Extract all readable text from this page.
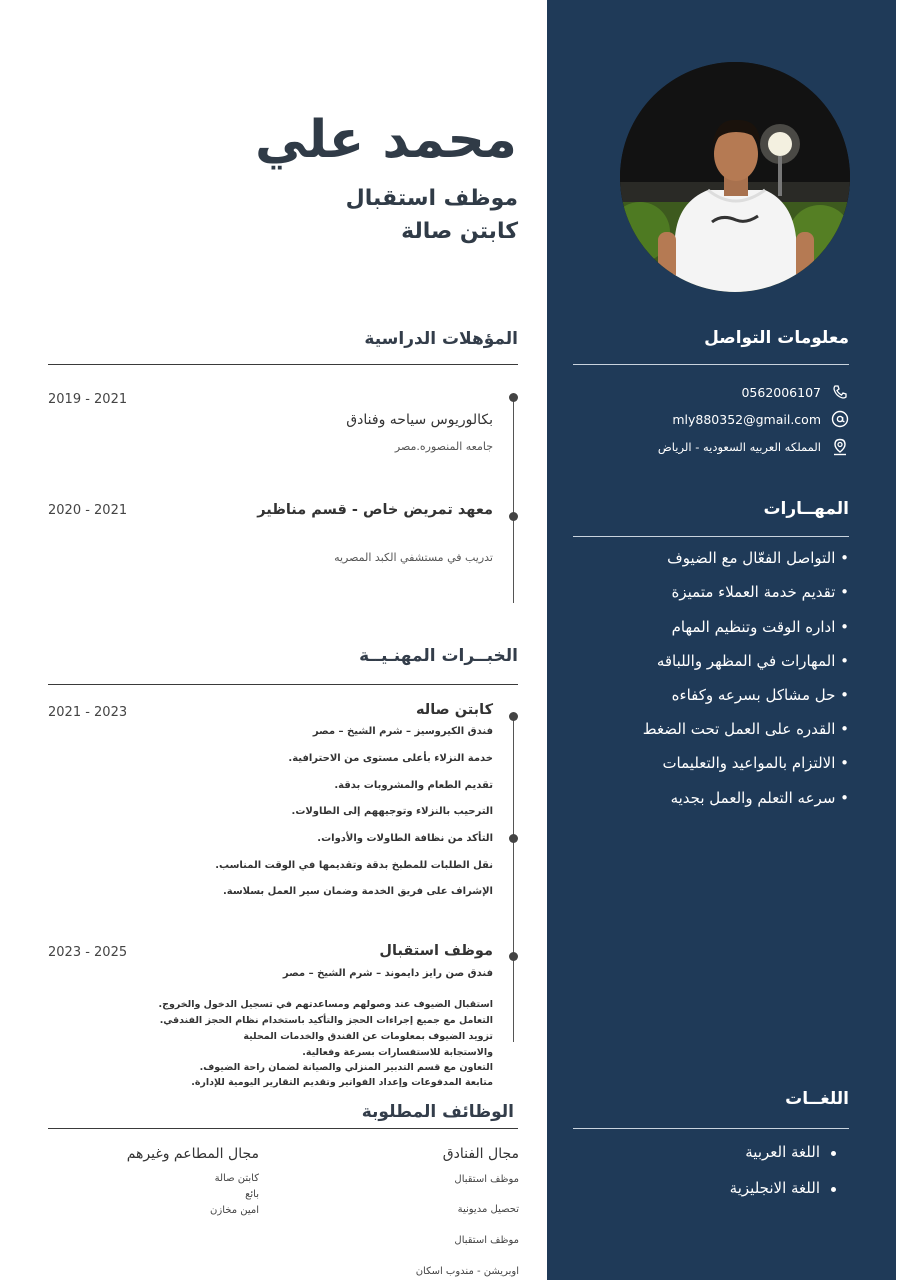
محمد علي
موظف استقبال
كابتن صالة
المؤهلات الدراسية
2019 - 2021
بكالوريوس سياحه وفنادق
جامعه المنصوره.مصر
2020 - 2021	معهد تمريض خاص - قسم مناظير
تدريب في مستشفي الكبد المصريه
الخبــرات المهنـيــة
2021 - 2023	كابتن صاله
فندق الكيروسيز – شرم الشيخ – مصر
خدمة النزلاء بأعلى مستوى من الاحترافية.
تقديم الطعام والمشروبات بدقة.
الترحيب بالنزلاء وتوجيههم إلى الطاولات.
التأكد من نظافة الطاولات والأدوات.
نقل الطلبات للمطبخ بدقة وتقديمها في الوقت المناسب.
الإشراف على فريق الخدمة وضمان سير العمل بسلاسة.
2023 - 2025	موظف استقبال
فندق صن رايز دايموند – شرم الشيخ – مصر
استقبال الضيوف عند وصولهم ومساعدتهم في تسجيل الدخول والخروج.
التعامل مع جميع إجراءات الحجز والتأكيد باستخدام نظام الحجز الفندقي.
تزويد الضيوف بمعلومات عن الفندق والخدمات المحلية
والاستجابة للاستفسارات بسرعة وفعالية.
التعاون مع قسم التدبير المنزلي والصيانة لضمان راحة الضيوف.
متابعة المدفوعات وإعداد الفواتير وتقديم التقارير اليومية للإدارة.
الوظائف المطلوبة
مجال الفنادق
موظف استقبال
تحصيل مديونية
موظف استقبال
اوبريشن - مندوب اسكان
مجال المطاعم وغيرهم
كابتن صالة
بائع
امين مخازن
معلومات التواصل
0562006107
mly880352@gmail.com
المملكه العربيه السعوديه - الرياض
المهــارات
• التواصل الفعّال مع الضيوف
• تقديم خدمة العملاء متميزة
• اداره الوقت وتنظيم المهام
• المهارات في المظهر واللباقه
• حل مشاكل بسرعه وكفاءه
• القدره على العمل تحت الضغط
• الالتزام بالمواعيد والتعليمات
• سرعه التعلم والعمل بجديه
اللغــات
اللغة العربية
اللغة الانجليزية
